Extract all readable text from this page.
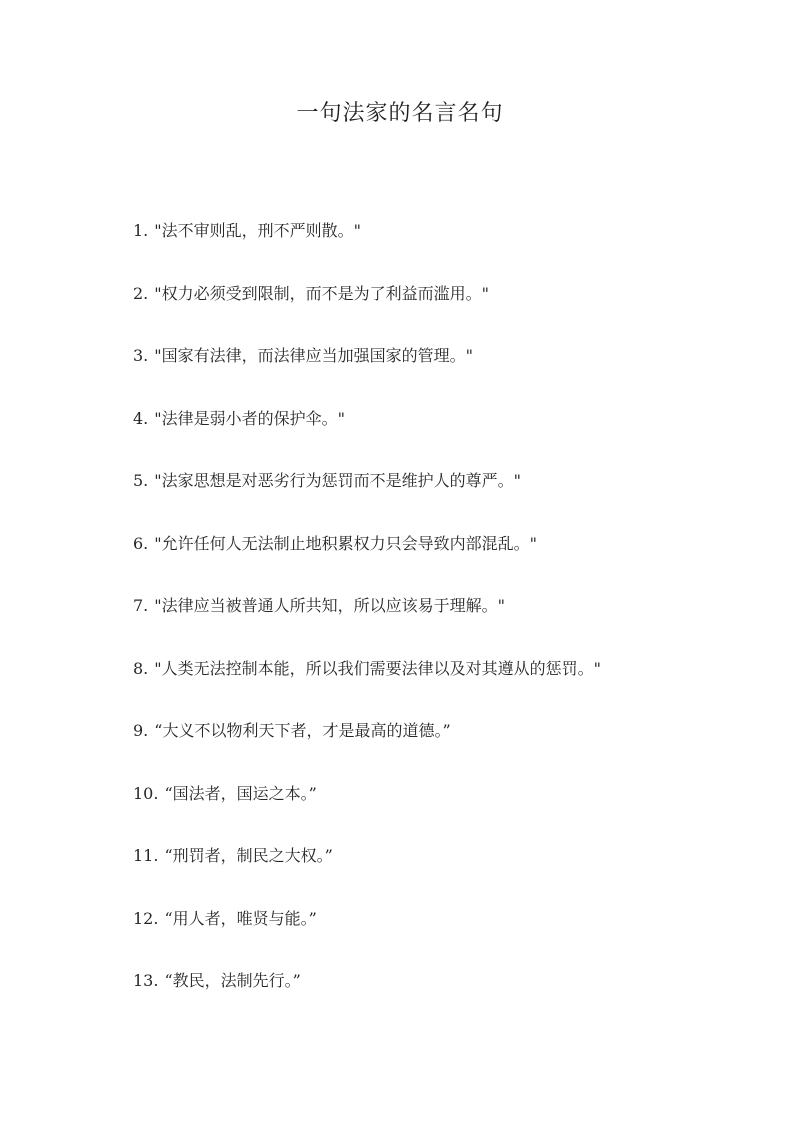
一句法家的名言名句
1. "法不审则乱，刑不严则散。"
2. "权力必须受到限制，而不是为了利益而滥用。"
3. "国家有法律，而法律应当加强国家的管理。"
4. "法律是弱小者的保护伞。"
5. "法家思想是对恶劣行为惩罚而不是维护人的尊严。"
6. "允许任何人无法制止地积累权力只会导致内部混乱。"
7. "法律应当被普通人所共知，所以应该易于理解。"
8. "人类无法控制本能，所以我们需要法律以及对其遵从的惩罚。"
9. “大义不以物利天下者，才是最高的道德。”
10. “国法者，国运之本。”
11. “刑罚者，制民之大权。”
12. “用人者，唯贤与能。”
13. “教民，法制先行。”
